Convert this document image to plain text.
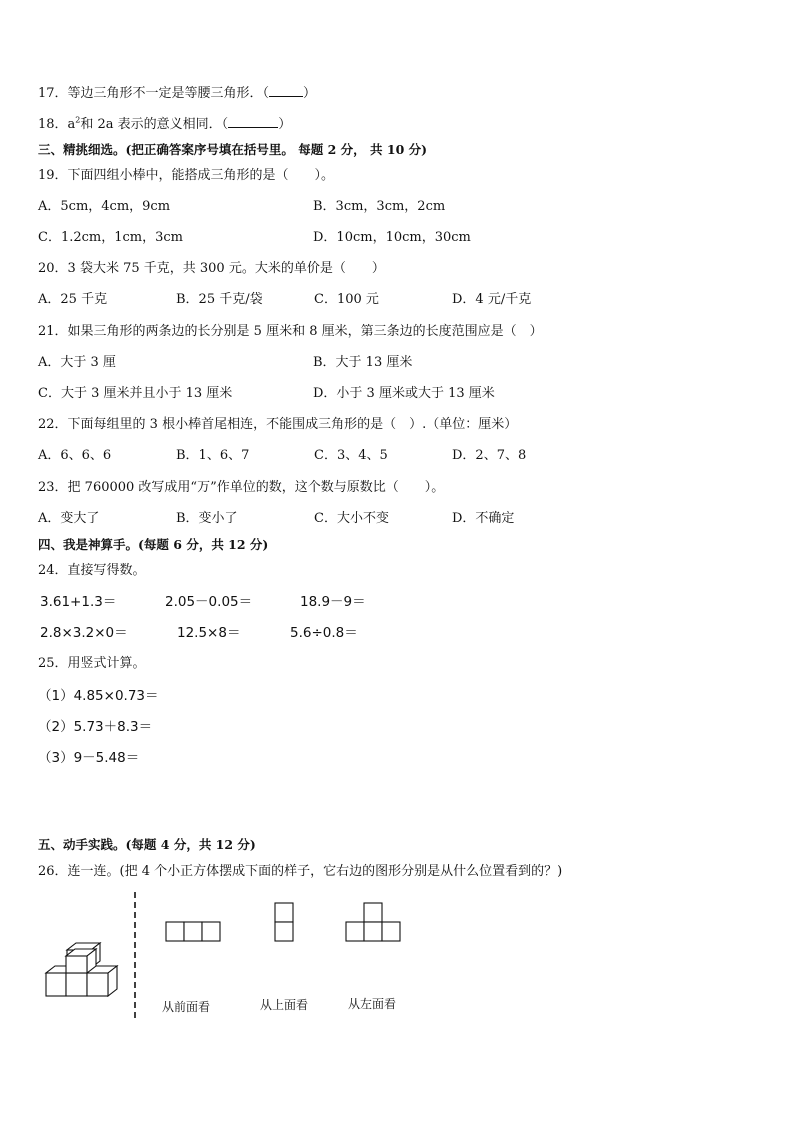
17．等边三角形不一定是等腰三角形．（	）
18．$a^2$和 2a 表示的意义相同．（	）
三、精挑细选。(把正确答案序号填在括号里。 每题 2 分， 共 10 分)
19．下面四组小棒中，能搭成三角形的是（　　）。
A．5cm，4cm，9cm	B．3cm，3cm，2cm
C．1.2cm，1cm，3cm	D．10cm，10cm，30cm
20．3 袋大米 75 千克，共 300 元。大米的单价是（　　）
A．25 千克	B．25 千克/袋	C．100 元	D．4 元/千克
21．如果三角形的两条边的长分别是 5 厘米和 8 厘米，第三条边的长度范围应是（　）
A．大于 3 厘	B．大于 13 厘米
C．大于 3 厘米并且小于 13 厘米	D．小于 3 厘米或大于 13 厘米
22．下面每组里的 3 根小棒首尾相连，不能围成三角形的是（　）.（单位：厘米）
A．6、6、6	B．1、6、7	C．3、4、5	D．2、7、8
23．把 760000 改写成用“万”作单位的数，这个数与原数比（　　）。
A．变大了	B．变小了	C．大小不变	D．不确定
四、我是神算手。(每题 6 分，共 12 分)
24．直接写得数。
3.61+1.3＝	2.05－0.05＝	18.9－9＝
2.8×3.2×0＝	12.5×8＝	5.6÷0.8＝
25．用竖式计算。
（1）4.85×0.73＝
（2）5.73＋8.3＝
（3）9－5.48＝
五、动手实践。(每题 4 分，共 12 分)
26．连一连。(把 4 个小正方体摆成下面的样子，它右边的图形分别是从什么位置看到的？)
从前面看	从上面看	从左面看
